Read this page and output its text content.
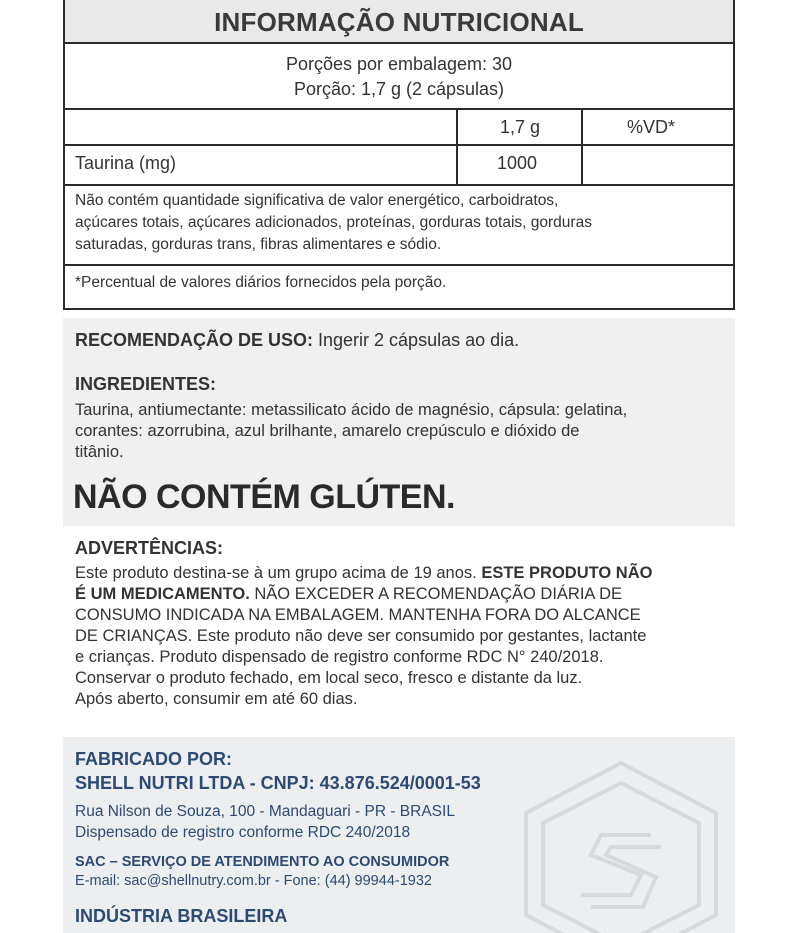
INFORMAÇÃO NUTRICIONAL
Porções por embalagem: 30
Porção: 1,7 g (2 cápsulas)
1,7 g	%VD*
Taurina (mg)	1000
Não contém quantidade significativa de valor energético, carboidratos,
açúcares totais, açúcares adicionados, proteínas, gorduras totais, gorduras
saturadas, gorduras trans, fibras alimentares e sódio.
*Percentual de valores diários fornecidos pela porção.
RECOMENDAÇÃO DE USO: Ingerir 2 cápsulas ao dia.
INGREDIENTES:
Taurina, antiumectante: metassilicato ácido de magnésio, cápsula: gelatina,
corantes: azorrubina, azul brilhante, amarelo crepúsculo e dióxido de
titânio.
NÃO CONTÉM GLÚTEN.
ADVERTÊNCIAS:
Este produto destina-se à um grupo acima de 19 anos. ESTE PRODUTO NÃO
É UM MEDICAMENTO. NÃO EXCEDER A RECOMENDAÇÃO DIÁRIA DE
CONSUMO INDICADA NA EMBALAGEM. MANTENHA FORA DO ALCANCE
DE CRIANÇAS. Este produto não deve ser consumido por gestantes, lactante
e crianças. Produto dispensado de registro conforme RDC N° 240/2018.
Conservar o produto fechado, em local seco, fresco e distante da luz.
Após aberto, consumir em até 60 dias.
FABRICADO POR:
SHELL NUTRI LTDA - CNPJ: 43.876.524/0001-53
Rua Nilson de Souza, 100 - Mandaguari - PR - BRASIL
Dispensado de registro conforme RDC 240/2018
SAC – SERVIÇO DE ATENDIMENTO AO CONSUMIDOR
E-mail: sac@shellnutry.com.br - Fone: (44) 99944-1932
INDÚSTRIA BRASILEIRA
